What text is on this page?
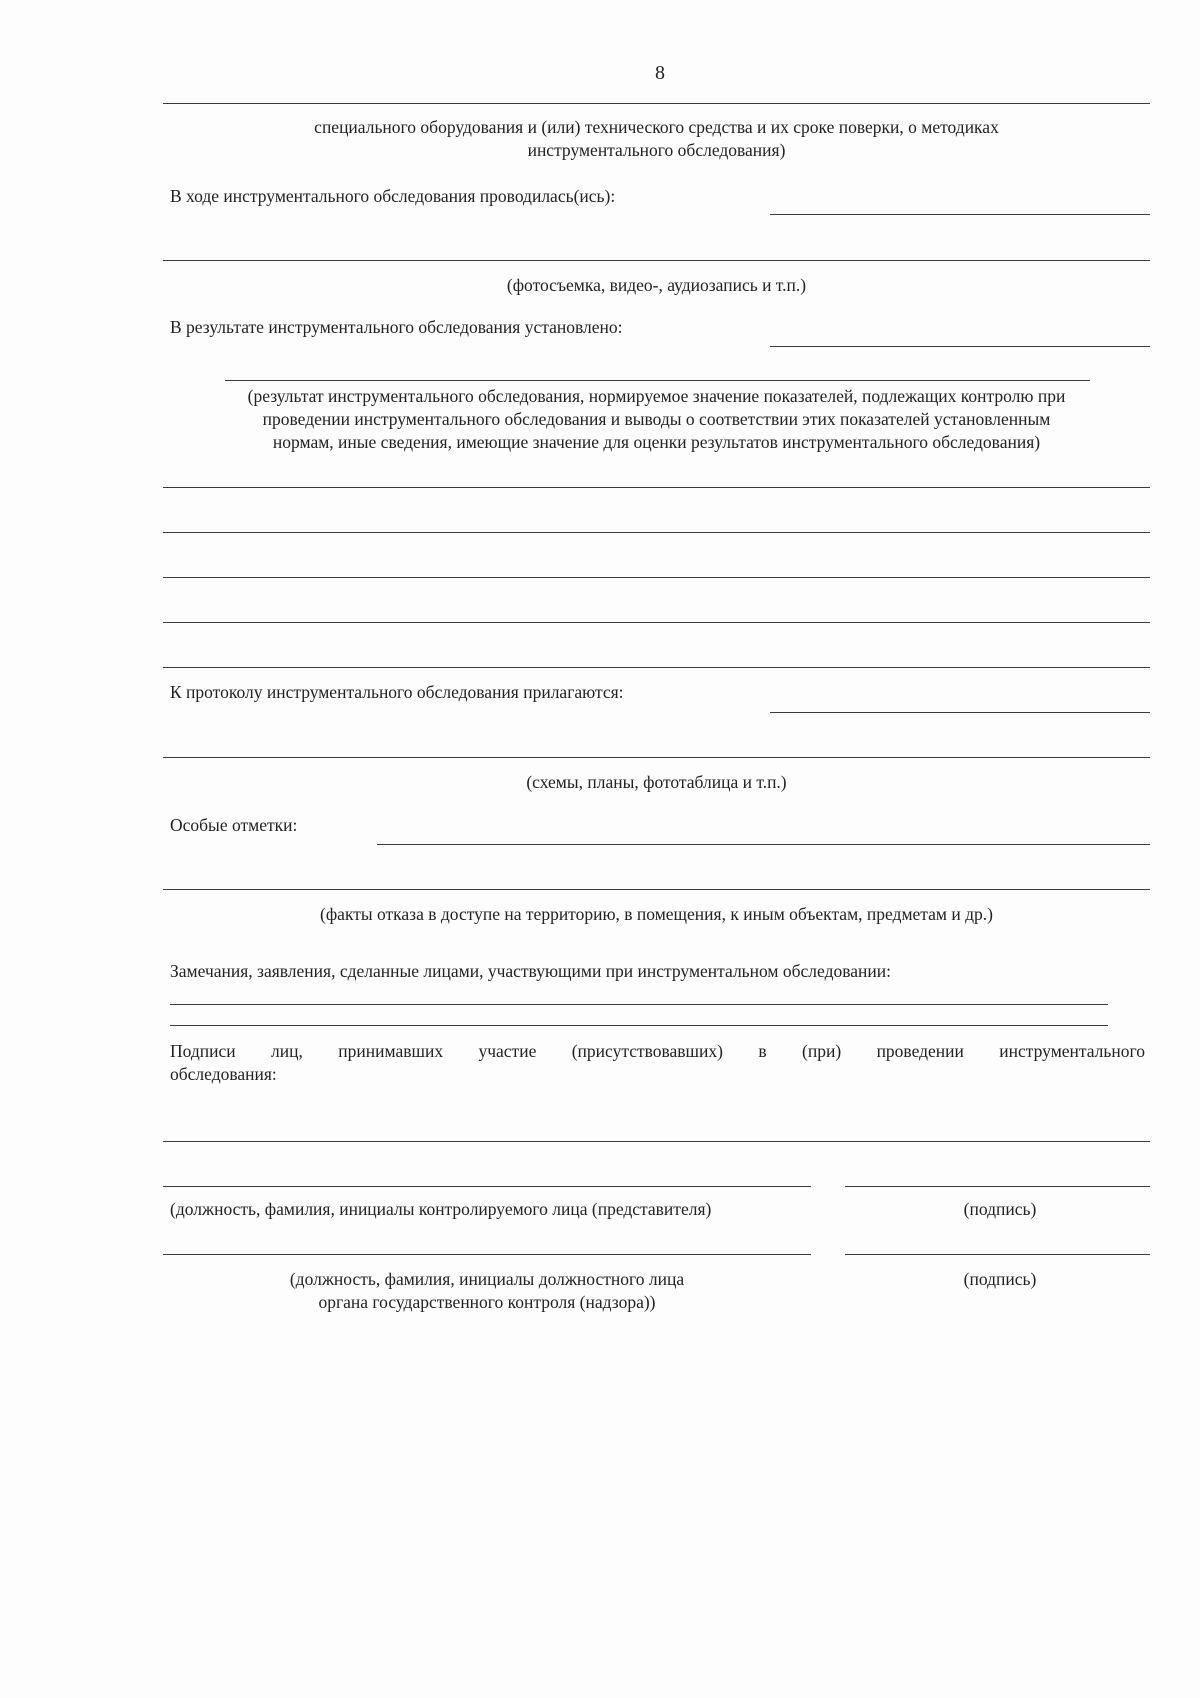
8
специального оборудования и (или) технического средства и их сроке поверки, о методиках
инструментального обследования)
В ходе инструментального обследования проводилась(ись):
(фотосъемка, видео-, аудиозапись и т.п.)
В результате инструментального обследования установлено:
(результат инструментального обследования, нормируемое значение показателей, подлежащих контролю при
проведении инструментального обследования и выводы о соответствии этих показателей установленным
нормам, иные сведения, имеющие значение для оценки результатов инструментального обследования)
К протоколу инструментального обследования прилагаются:
(схемы, планы, фототаблица и т.п.)
Особые отметки:
(факты отказа в доступе на территорию, в помещения, к иным объектам, предметам и др.)
Замечания, заявления, сделанные лицами, участвующими при инструментальном обследовании:
Подписи лиц, принимавших участие (присутствовавших) в (при) проведении инструментального
обследования:
(должность, фамилия, инициалы контролируемого лица (представителя)	(подпись)
(должность, фамилия, инициалы должностного лица
органа государственного контроля (надзора))
(подпись)
